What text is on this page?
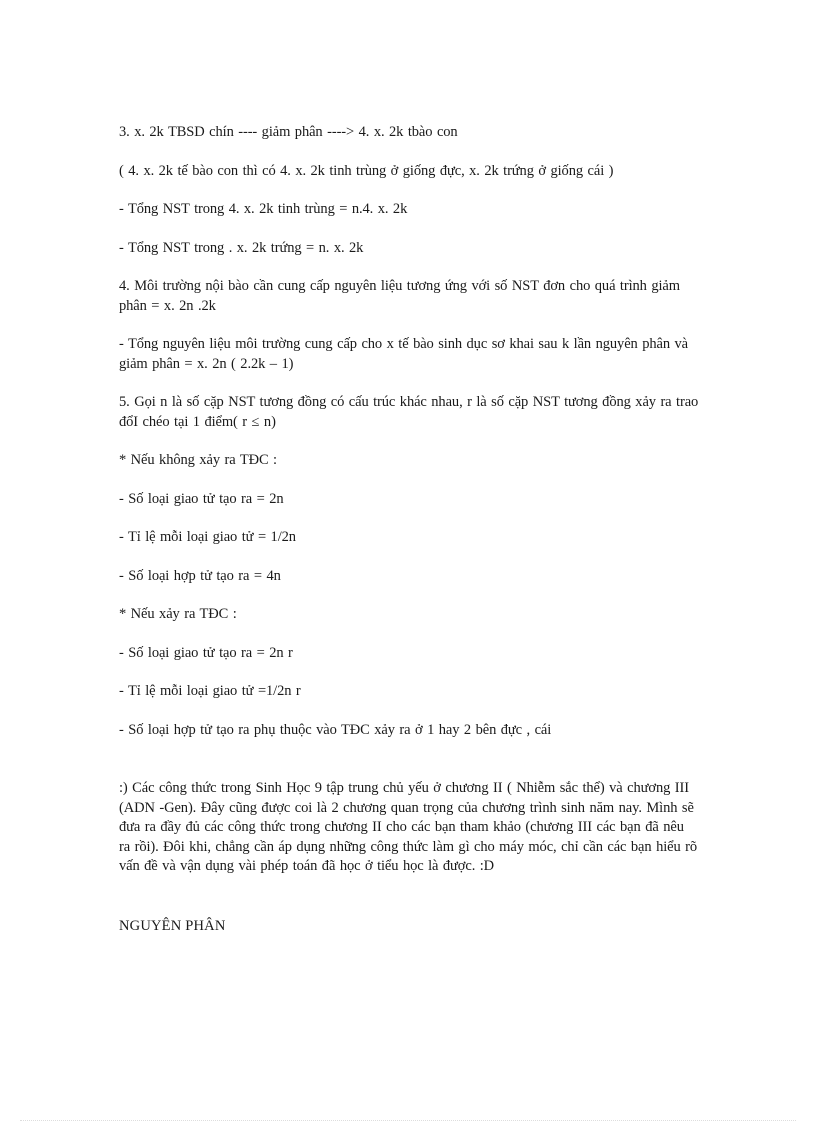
3. x. 2k TBSD chín ---- giảm phân ----> 4. x. 2k tbào con

( 4. x. 2k tế bào con thì có 4. x. 2k tinh trùng ở giống đực, x. 2k trứng ở giống cái )

- Tổng NST trong 4. x. 2k tinh trùng = n.4. x. 2k

- Tổng NST trong . x. 2k trứng = n. x. 2k

4. Môi trường nội bào cần cung cấp nguyên liệu tương ứng với số NST đơn cho quá trình giảm phân = x. 2n .2k

- Tổng nguyên liệu môi trường cung cấp cho x tế bào sinh dục sơ khai sau k lần nguyên phân và giảm phân = x. 2n ( 2.2k – 1)

5. Gọi n là số cặp NST tương đồng có cấu trúc khác nhau, r là số cặp NST tương đồng xảy ra trao đổI chéo tại 1 điểm( r ≤ n)

* Nếu không xảy ra TĐC :

- Số loại giao tử tạo ra = 2n

- Tỉ lệ mỗi loại giao tử = 1/2n

- Số loại hợp tử tạo ra = 4n

* Nếu xảy ra TĐC :

- Số loại giao tử tạo ra = 2n r

- Tỉ lệ mỗi loại giao tử =1/2n r

- Số loại hợp tử tạo ra phụ thuộc vào TĐC xảy ra ở 1 hay 2 bên đực , cái

:) Các công thức trong Sinh Học 9 tập trung chủ yếu ở chương II ( Nhiễm sắc thể) và chương III (ADN -Gen). Đây cũng được coi là 2 chương quan trọng của chương trình sinh năm nay. Mình sẽ đưa ra đầy đủ các công thức trong chương II cho các bạn tham khảo (chương III các bạn đã nêu ra rồi). Đôi khi, chẳng cần áp dụng những công thức làm gì cho máy móc, chỉ cần các bạn hiểu rõ vấn đề và vận dụng vài phép toán đã học ở tiểu học là được. :D

NGUYÊN PHÂN
